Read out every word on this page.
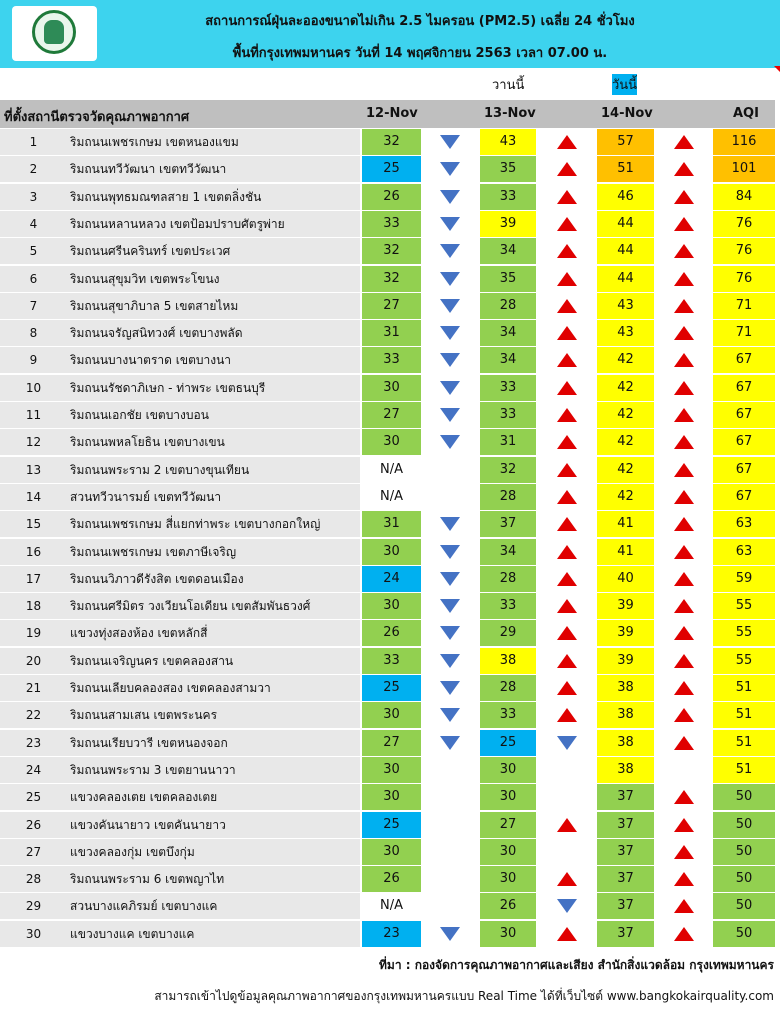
สถานการณ์ฝุ่นละอองขนาดไม่เกิน 2.5 ไมครอน (PM2.5) เฉลี่ย 24 ชั่วโมง
พื้นที่กรุงเทพมหานคร วันที่ 14 พฤศจิกายน 2563 เวลา 07.00 น.
วานนี้	วันนี้
ที่ตั้งสถานีตรวจวัดคุณภาพอากาศ	12-Nov	13-Nov	14-Nov	AQI
1	ริมถนนเพชรเกษม เขตหนองแขม	32	43	57	116
2	ริมถนนทวีวัฒนา เขตทวีวัฒนา	25	35	51	101
3	ริมถนนพุทธมณฑลสาย 1 เขตตลิ่งชัน	26	33	46	84
4	ริมถนนหลานหลวง เขตป้อมปราบศัตรูพ่าย	33	39	44	76
5	ริมถนนศรีนครินทร์ เขตประเวศ	32	34	44	76
6	ริมถนนสุขุมวิท เขตพระโขนง	32	35	44	76
7	ริมถนนสุขาภิบาล 5 เขตสายไหม	27	28	43	71
8	ริมถนนจรัญสนิทวงศ์ เขตบางพลัด	31	34	43	71
9	ริมถนนบางนาตราด เขตบางนา	33	34	42	67
10	ริมถนนรัชดาภิเษก - ท่าพระ เขตธนบุรี	30	33	42	67
11	ริมถนนเอกชัย เขตบางบอน	27	33	42	67
12	ริมถนนพหลโยธิน เขตบางเขน	30	31	42	67
13	ริมถนนพระราม 2 เขตบางขุนเทียน	N/A	32	42	67
14	สวนทวีวนารมย์ เขตทวีวัฒนา	N/A	28	42	67
15	ริมถนนเพชรเกษม สี่แยกท่าพระ เขตบางกอกใหญ่	31	37	41	63
16	ริมถนนเพชรเกษม เขตภาษีเจริญ	30	34	41	63
17	ริมถนนวิภาวดีรังสิต เขตดอนเมือง	24	28	40	59
18	ริมถนนศรีมิตร วงเวียนโอเดียน เขตสัมพันธวงศ์	30	33	39	55
19	แขวงทุ่งสองห้อง เขตหลักสี่	26	29	39	55
20	ริมถนนเจริญนคร เขตคลองสาน	33	38	39	55
21	ริมถนนเลียบคลองสอง เขตคลองสามวา	25	28	38	51
22	ริมถนนสามเสน เขตพระนคร	30	33	38	51
23	ริมถนนเรียบวารี เขตหนองจอก	27	25	38	51
24	ริมถนนพระราม 3 เขตยานนาวา	30	30	38	51
25	แขวงคลองเตย เขตคลองเตย	30	30	37	50
26	แขวงคันนายาว เขตคันนายาว	25	27	37	50
27	แขวงคลองกุ่ม เขตบึงกุ่ม	30	30	37	50
28	ริมถนนพระราม 6 เขตพญาไท	26	30	37	50
29	สวนบางแคภิรมย์ เขตบางแค	N/A	26	37	50
30	แขวงบางแค เขตบางแค	23	30	37	50
ที่มา : กองจัดการคุณภาพอากาศและเสียง สำนักสิ่งแวดล้อม กรุงเทพมหานคร
สามารถเข้าไปดูข้อมูลคุณภาพอากาศของกรุงเทพมหานครแบบ Real Time ได้ที่เว็บไซต์ www.bangkokairquality.com
